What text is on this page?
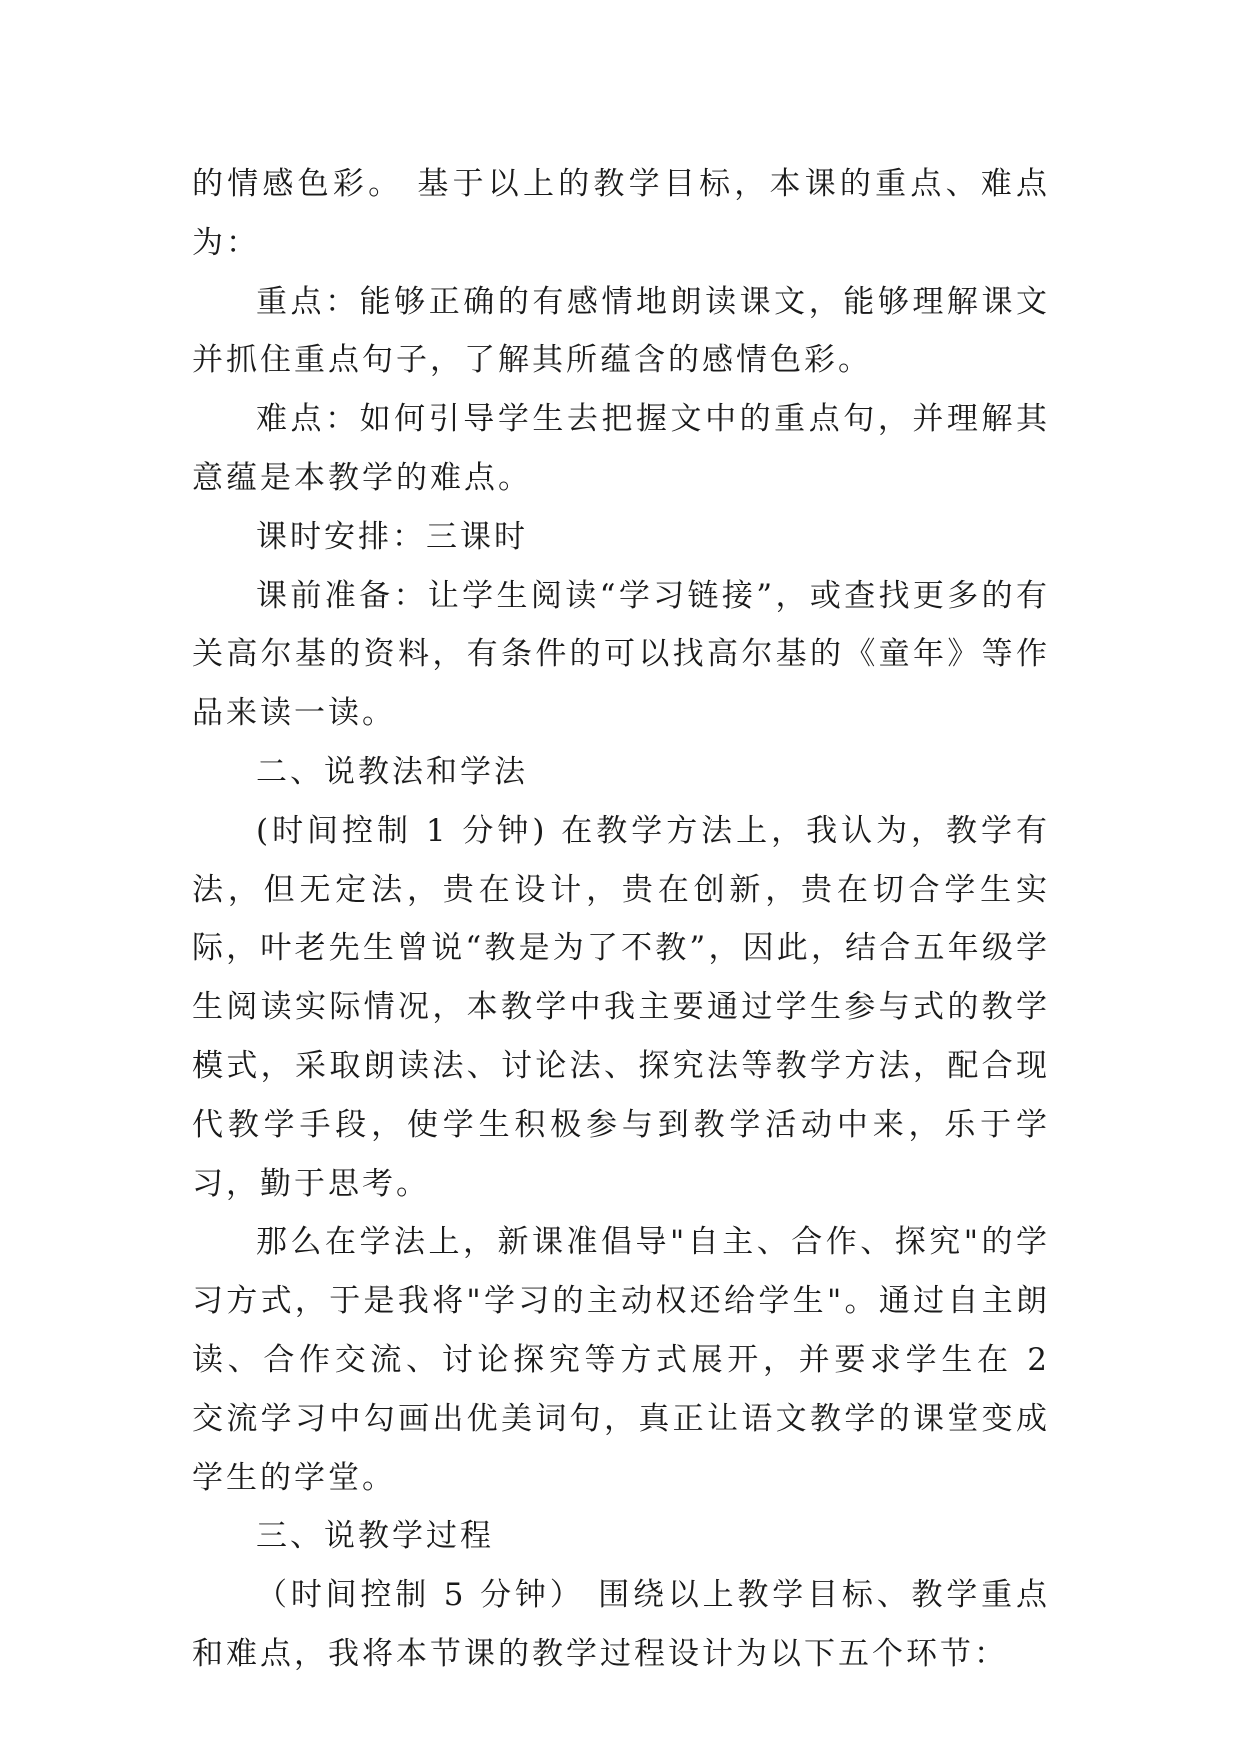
的情感色彩。 基于以上的教学目标，本课的重点、难点为：

重点：能够正确的有感情地朗读课文，能够理解课文并抓住重点句子，了解其所蕴含的感情色彩。

难点：如何引导学生去把握文中的重点句，并理解其意蕴是本教学的难点。

课时安排：三课时

课前准备：让学生阅读“学习链接”，或查找更多的有关高尔基的资料，有条件的可以找高尔基的《童年》等作品来读一读。

二、说教法和学法

(时间控制 1 分钟) 在教学方法上，我认为，教学有法，但无定法，贵在设计，贵在创新，贵在切合学生实际，叶老先生曾说“教是为了不教”，因此，结合五年级学生阅读实际情况，本教学中我主要通过学生参与式的教学模式，采取朗读法、讨论法、探究法等教学方法，配合现代教学手段，使学生积极参与到教学活动中来，乐于学习，勤于思考。

那么在学法上，新课准倡导"自主、合作、探究"的学习方式，于是我将"学习的主动权还给学生"。通过自主朗读、合作交流、讨论探究等方式展开，并要求学生在 2 交流学习中勾画出优美词句，真正让语文教学的课堂变成学生的学堂。

三、说教学过程

（时间控制 5 分钟） 围绕以上教学目标、教学重点和难点，我将本节课的教学过程设计为以下五个环节：
